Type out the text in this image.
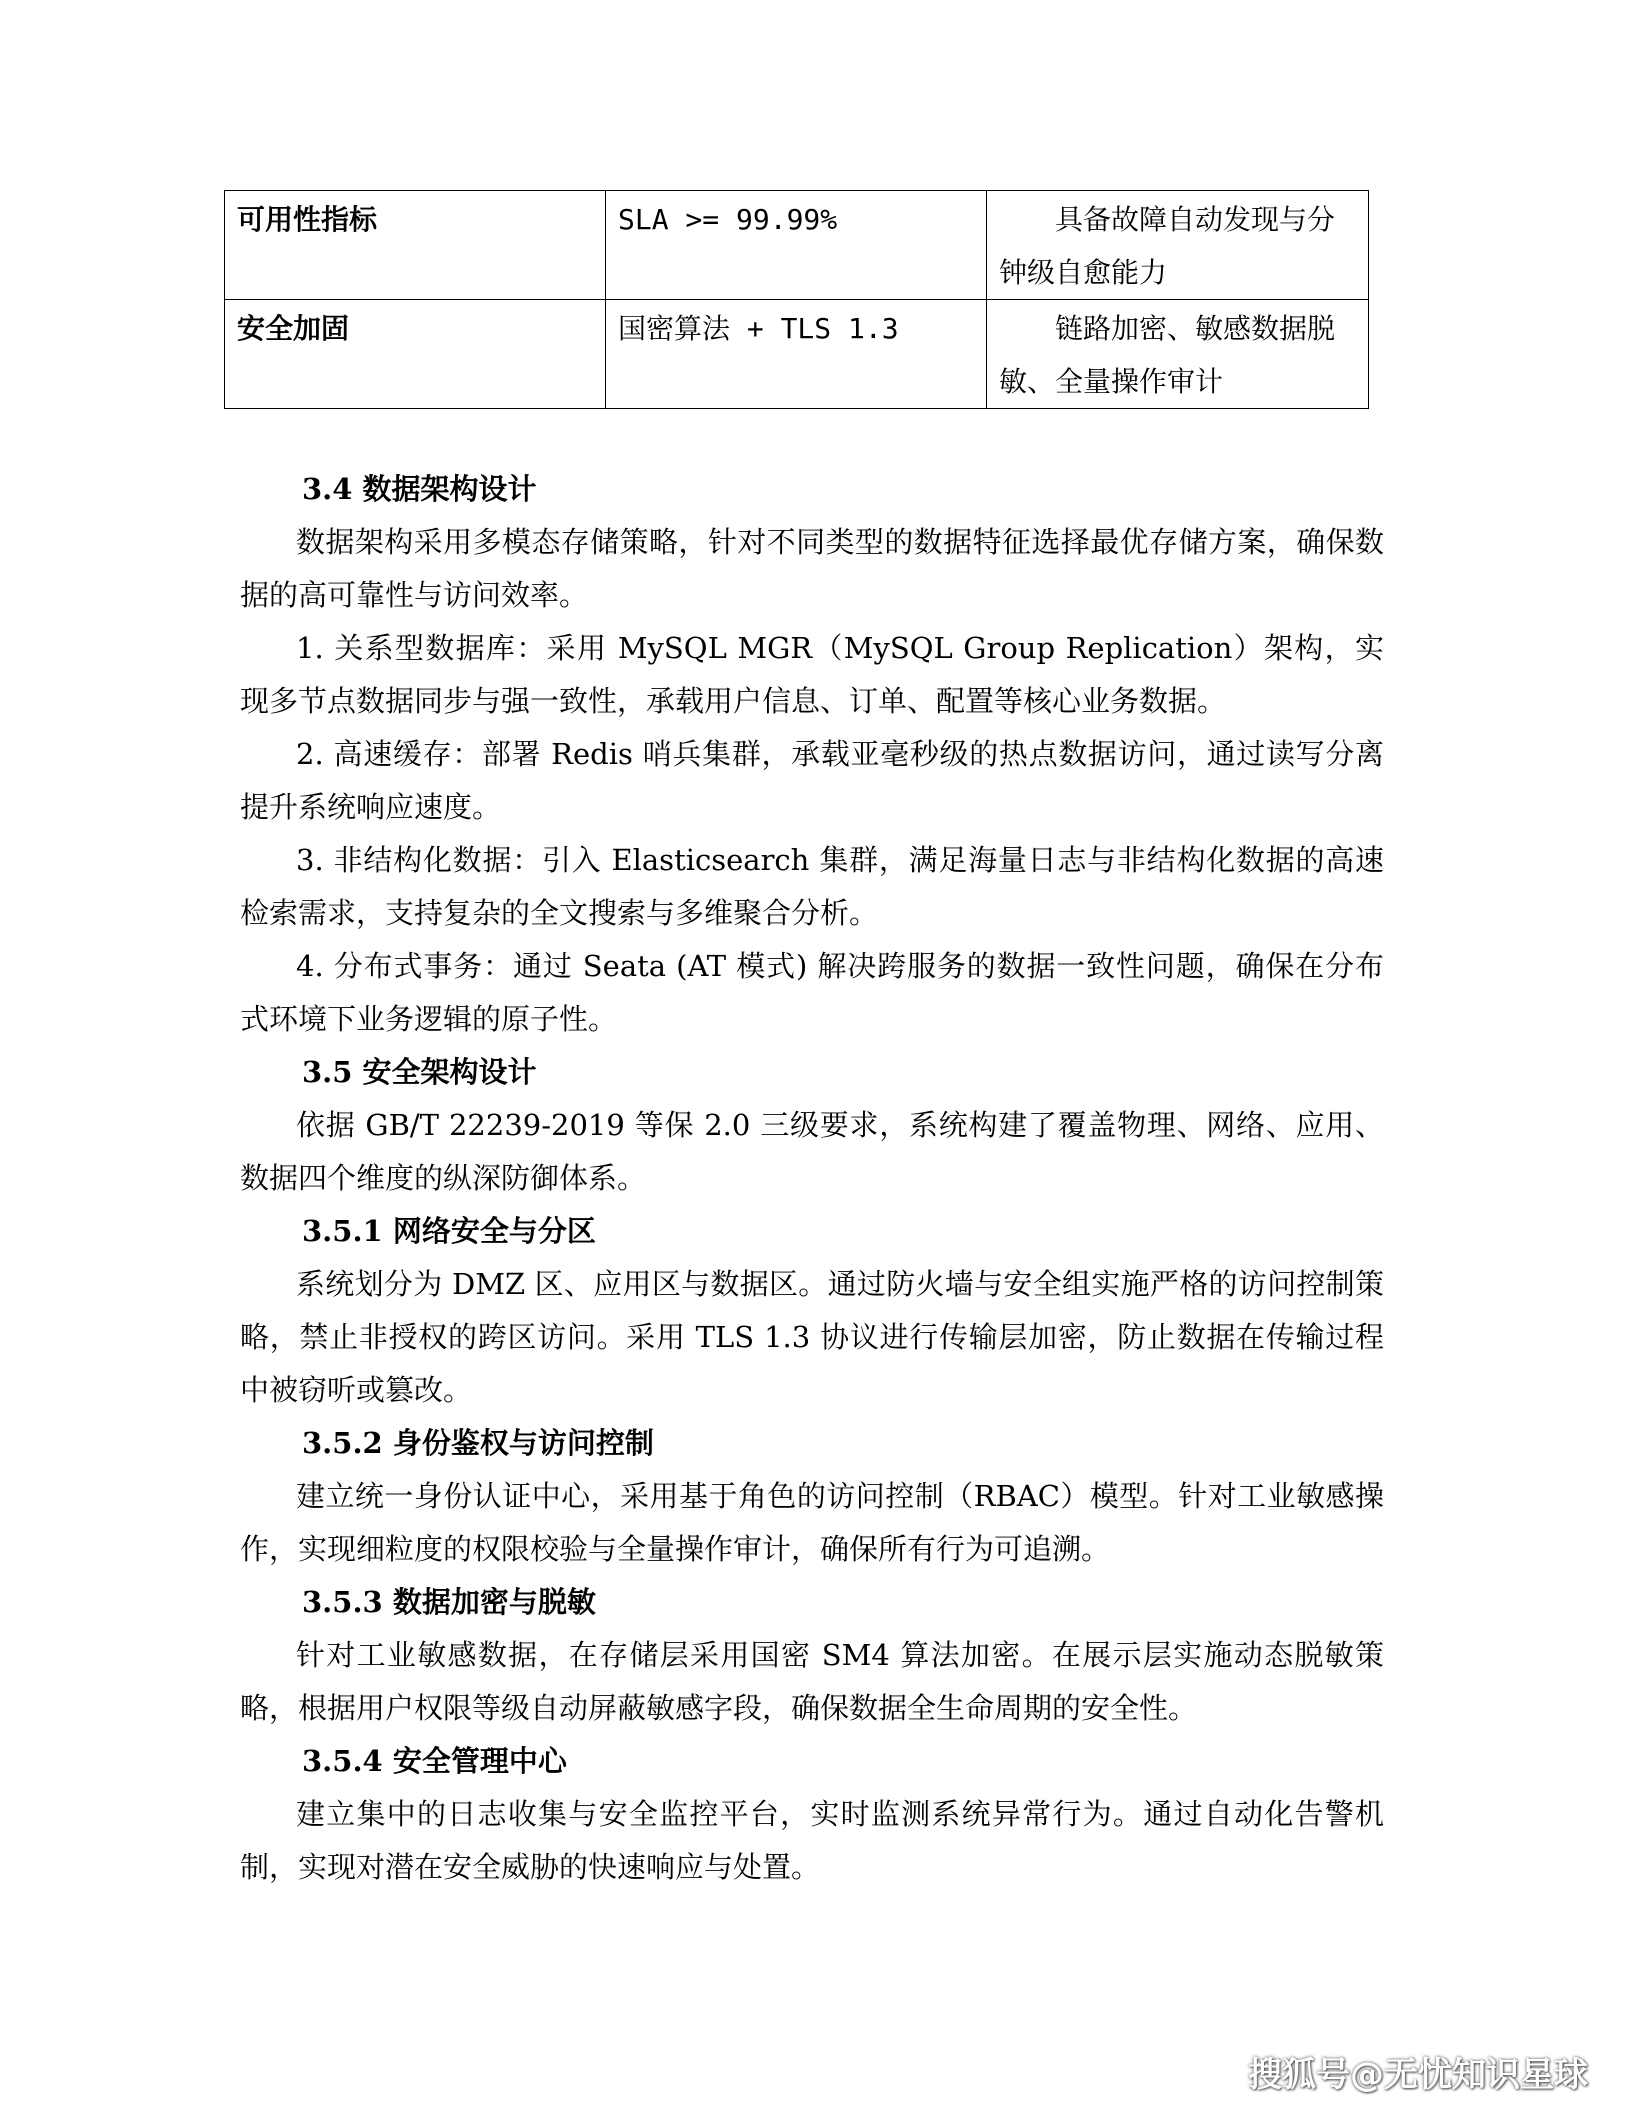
可用性指标	SLA >= 99.99%	具备故障自动发现与分钟级自愈能力

安全加固	国密算法 + TLS 1.3	链路加密、敏感数据脱敏、全量操作审计
3.4 数据架构设计

数据架构采用多模态存储策略，针对不同类型的数据特征选择最优存储方案，确保数据的高可靠性与访问效率。

1. 关系型数据库：采用 MySQL MGR（MySQL Group Replication）架构，实现多节点数据同步与强一致性，承载用户信息、订单、配置等核心业务数据。

2. 高速缓存：部署 Redis 哨兵集群，承载亚毫秒级的热点数据访问，通过读写分离提升系统响应速度。

3. 非结构化数据：引入 Elasticsearch 集群，满足海量日志与非结构化数据的高速检索需求，支持复杂的全文搜索与多维聚合分析。

4. 分布式事务：通过 Seata (AT 模式) 解决跨服务的数据一致性问题，确保在分布式环境下业务逻辑的原子性。

3.5 安全架构设计

依据 GB/T 22239-2019 等保 2.0 三级要求，系统构建了覆盖物理、网络、应用、数据四个维度的纵深防御体系。

3.5.1 网络安全与分区

系统划分为 DMZ 区、应用区与数据区。通过防火墙与安全组实施严格的访问控制策略，禁止非授权的跨区访问。采用 TLS 1.3 协议进行传输层加密，防止数据在传输过程中被窃听或篡改。

3.5.2 身份鉴权与访问控制

建立统一身份认证中心，采用基于角色的访问控制（RBAC）模型。针对工业敏感操作，实现细粒度的权限校验与全量操作审计，确保所有行为可追溯。

3.5.3 数据加密与脱敏

针对工业敏感数据，在存储层采用国密 SM4 算法加密。在展示层实施动态脱敏策略，根据用户权限等级自动屏蔽敏感字段，确保数据全生命周期的安全性。

3.5.4 安全管理中心

建立集中的日志收集与安全监控平台，实时监测系统异常行为。通过自动化告警机制，实现对潜在安全威胁的快速响应与处置。

搜狐号@无忧知识星球
